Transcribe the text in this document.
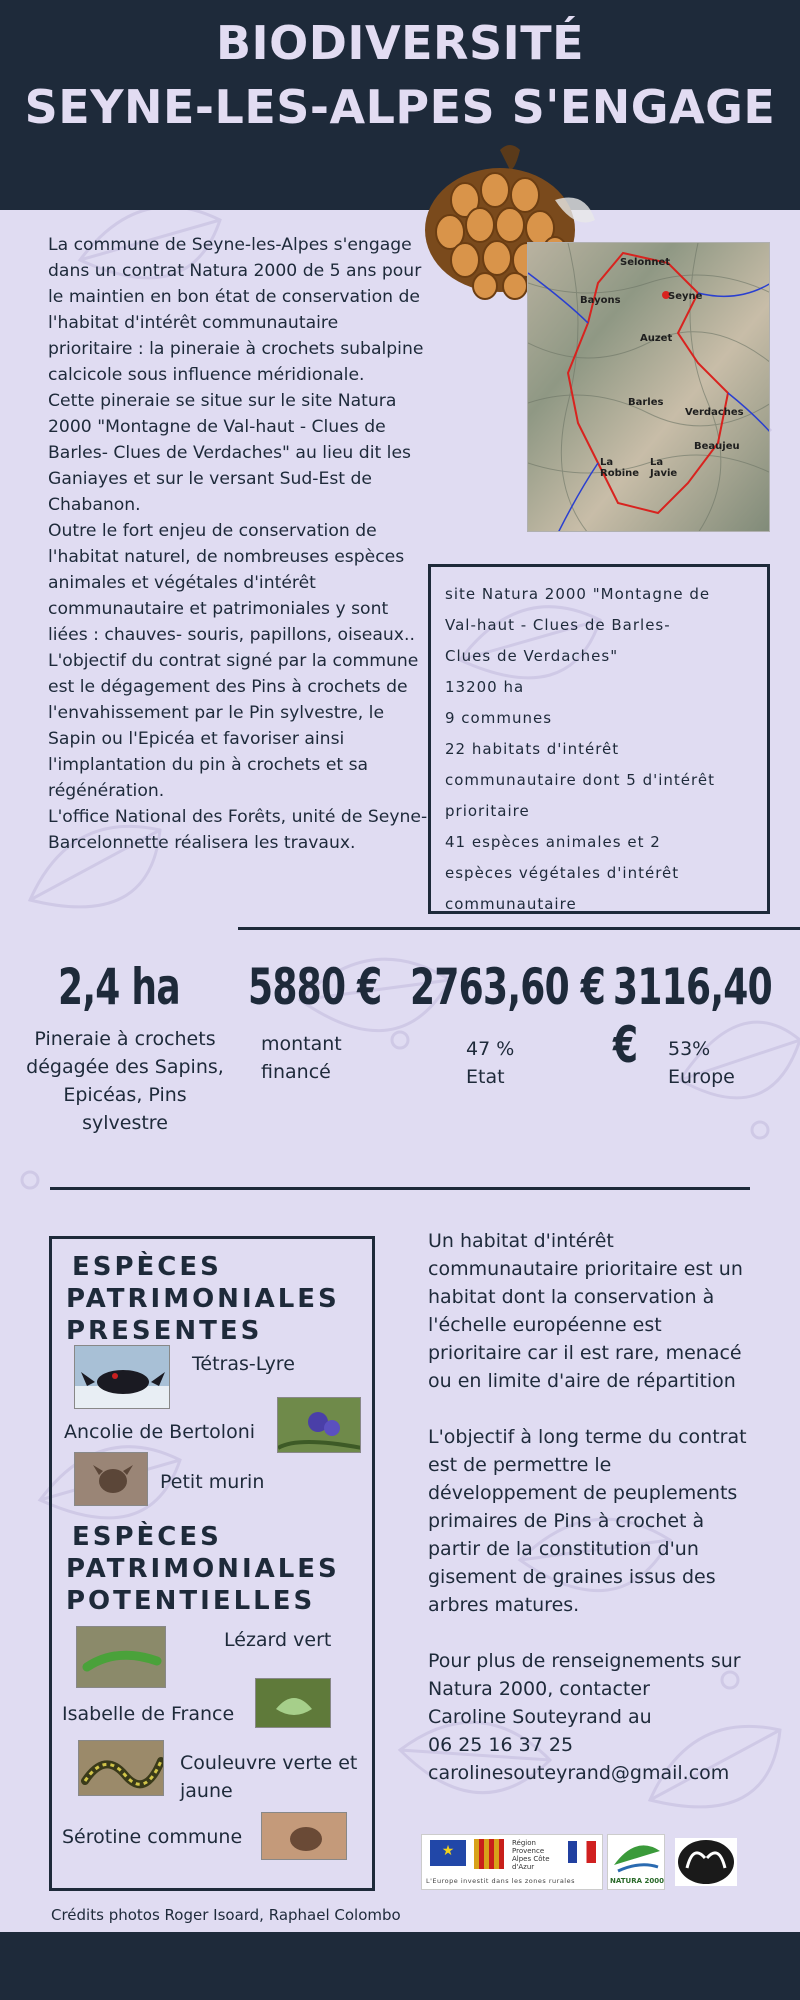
BIODIVERSITÉ
SEYNE-LES-ALPES S'ENGAGE

La commune de Seyne-les-Alpes s'engage dans un contrat Natura 2000 de 5 ans pour le maintien en bon état de conservation de l'habitat d'intérêt communautaire prioritaire : la pineraie à crochets subalpine calcicole sous influence méridionale.

Cette pineraie se situe sur le site Natura 2000 "Montagne de Val-haut - Clues de Barles- Clues de Verdaches" au lieu dit les Ganiayes et sur le versant Sud-Est de Chabanon.

Outre le fort enjeu de conservation de l'habitat naturel, de nombreuses espèces animales et végétales d'intérêt communautaire et patrimoniales y sont liées : chauves- souris, papillons, oiseaux..

L'objectif du contrat signé par la commune est le dégagement des Pins à crochets de l'envahissement par le Pin sylvestre, le Sapin ou l'Epicéa et favoriser ainsi l'implantation du pin à crochets et sa régénération.

L'office National des Forêts, unité de Seyne-Barcelonnette réalisera les travaux.

Selonnet
Seyne
Bayons
Auzet
Barles
Verdaches
Beaujeu
La Robine
La Javie
site Natura 2000 "Montagne de
Val-haut - Clues de Barles-
Clues de Verdaches"
13200 ha
9 communes
22 habitats d'intérêt
communautaire dont 5 d'intérêt
prioritaire
41 espèces animales et 2
espèces végétales d'intérêt
communautaire
2,4 ha
Pineraie à crochets dégagée des Sapins, Epicéas, Pins sylvestre
5880 €
montant financé
2763,60 €
47 %
Etat
3116,40 €	53%
Europe
ESPÈCES
PATRIMONIALES
PRESENTES
Tétras-Lyre
Ancolie de Bertoloni
Petit murin
ESPÈCES
PATRIMONIALES
POTENTIELLES
Lézard vert
Isabelle de France
Couleuvre verte et jaune
Sérotine commune
Un habitat d'intérêt communautaire prioritaire est un habitat dont la conservation à l'échelle européenne est prioritaire car il est rare, menacé ou en limite d'aire de répartition
L'objectif à long terme du contrat est de permettre le développement de peuplements primaires de Pins à crochet à partir de la constitution d'un gisement de graines issus des arbres matures.
Pour plus de renseignements sur Natura 2000, contacter
Caroline Souteyrand au
06 25 16 37 25
carolinesouteyrand@gmail.com
★	Région Provence Alpes Côte d'Azur
L'Europe investit dans les zones rurales	NATURA 2000
Crédits photos Roger Isoard, Raphael Colombo
